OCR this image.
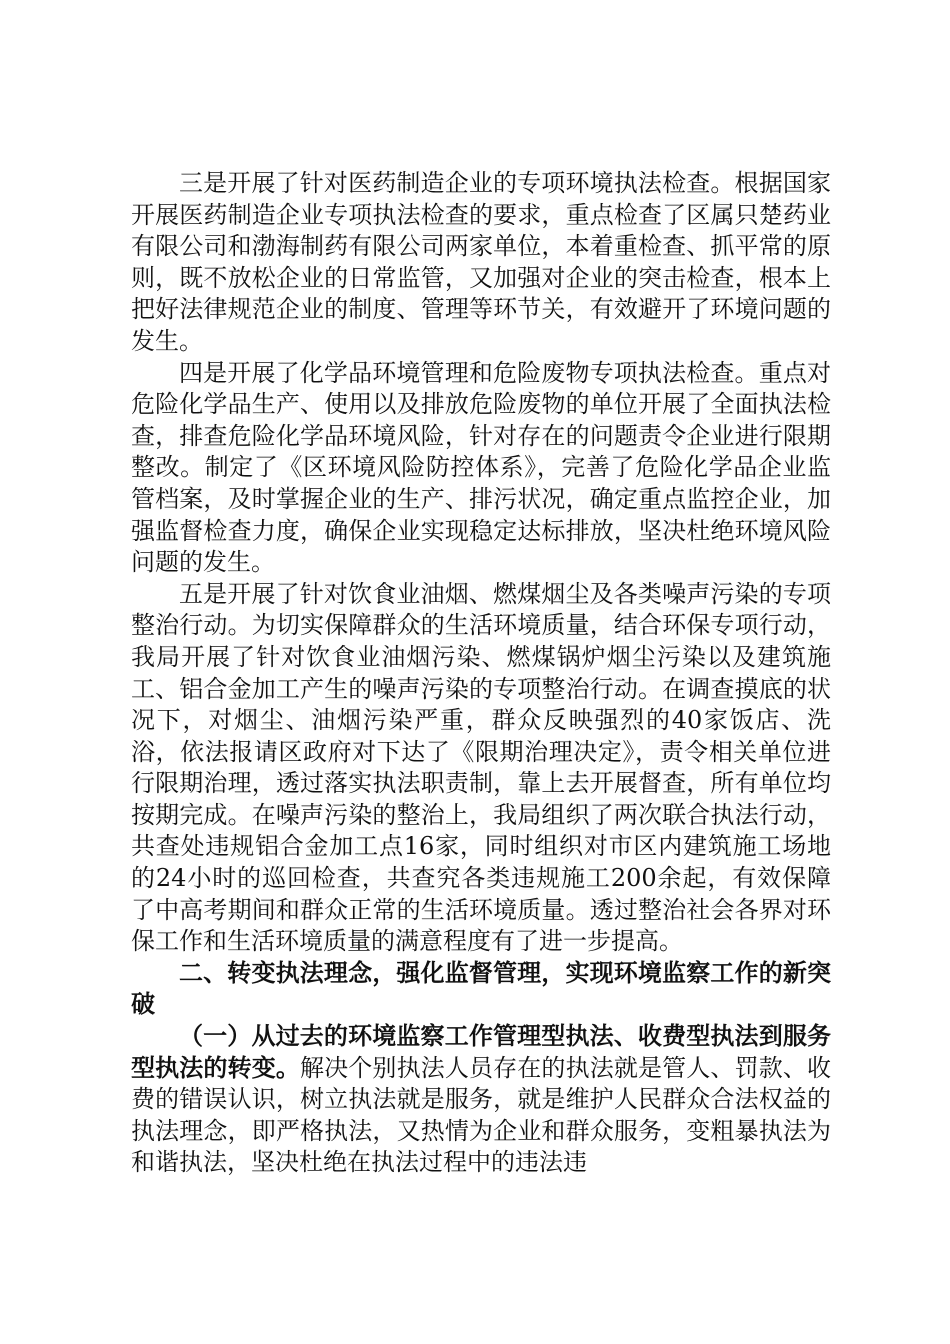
三是开展了针对医药制造企业的专项环境执法检查。根据国家开展医药制造企业专项执法检查的要求，重点检查了区属只楚药业有限公司和渤海制药有限公司两家单位，本着重检查、抓平常的原则，既不放松企业的日常监管，又加强对企业的突击检查，根本上把好法律规范企业的制度、管理等环节关，有效避开了环境问题的发生。

四是开展了化学品环境管理和危险废物专项执法检查。重点对危险化学品生产、使用以及排放危险废物的单位开展了全面执法检查，排查危险化学品环境风险，针对存在的问题责令企业进行限期整改。制定了《区环境风险防控体系》，完善了危险化学品企业监管档案，及时掌握企业的生产、排污状况，确定重点监控企业，加强监督检查力度，确保企业实现稳定达标排放，坚决杜绝环境风险问题的发生。

五是开展了针对饮食业油烟、燃煤烟尘及各类噪声污染的专项整治行动。为切实保障群众的生活环境质量，结合环保专项行动，我局开展了针对饮食业油烟污染、燃煤锅炉烟尘污染以及建筑施工、铝合金加工产生的噪声污染的专项整治行动。在调查摸底的状况下，对烟尘、油烟污染严重，群众反映强烈的40家饭店、洗浴，依法报请区政府对下达了《限期治理决定》，责令相关单位进行限期治理，透过落实执法职责制，靠上去开展督查，所有单位均按期完成。在噪声污染的整治上，我局组织了两次联合执法行动，共查处违规铝合金加工点16家，同时组织对市区内建筑施工场地的24小时的巡回检查，共查究各类违规施工200余起，有效保障了中高考期间和群众正常的生活环境质量。透过整治社会各界对环保工作和生活环境质量的满意程度有了进一步提高。

二、转变执法理念，强化监督管理，实现环境监察工作的新突破

（一）从过去的环境监察工作管理型执法、收费型执法到服务型执法的转变。解决个别执法人员存在的执法就是管人、罚款、收费的错误认识，树立执法就是服务，就是维护人民群众合法权益的执法理念，即严格执法，又热情为企业和群众服务，变粗暴执法为和谐执法，坚决杜绝在执法过程中的违法违
